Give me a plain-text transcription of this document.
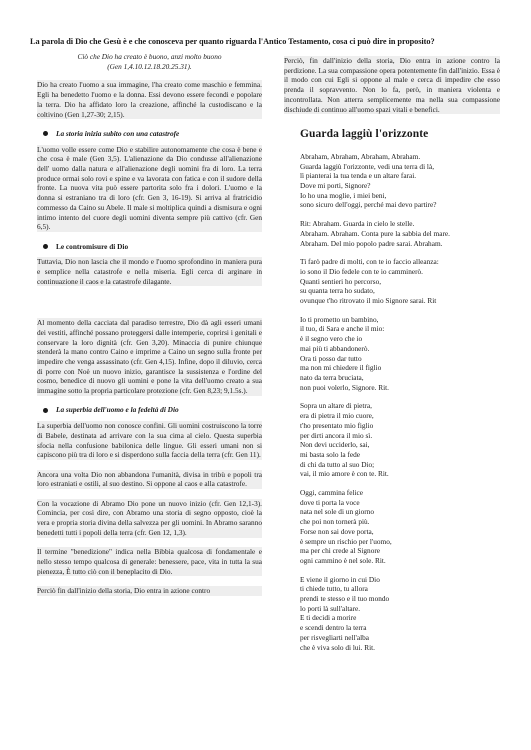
La parola di Dio che Gesù è e che conosceva per quanto riguarda l'Antico Testamento, cosa ci può dire in proposito?
Ciò che Dio ha creato è buono, anzi molto buono
(Gen 1,4.10.12.18.20.25.31).

Dio ha creato l'uomo a sua immagine, l'ha creato come maschio e femmina. Egli ha benedetto l'uomo e la donna. Essi devono essere fecondi e popolare la terra. Dio ha affidato loro la creazione, affinché la custodiscano e la coltivino (Gen 1,27-30; 2,15).

La storia inizia subito con una catastrofe

L'uomo volle essere come Dio e stabilire autonomamente che cosa è bene e che cosa è male (Gen 3,5). L'alienazione da Dio condusse all'alienazione dell' uomo dalla natura e all'alienazione degli uomini fra di loro. La terra produce ormai solo rovi e spine e va lavorata con fatica e con il sudore della fronte. La nuova vita può essere partorita solo fra i dolori. L'uomo e la donna si estraniano tra di loro (cfr. Gen 3, 16-19). Si arriva al fratricidio commesso da Caino su Abele. Il male si moltiplica quindi a dismisura e ogni intimo intento del cuore degli uomini diventa sempre più cattivo (cfr. Gen 6,5).

Le contromisure di Dio

Tuttavia, Dio non lascia che il mondo e l'uomo sprofondino in maniera pura e semplice nella catastrofe e nella miseria. Egli cerca di arginare in continuazione il caos e la catastrofe dilagante.

Al momento della cacciata dal paradiso terrestre, Dio dà agli esseri umani dei vestiti, affinché possano proteggersi dalle intemperie, coprirsi i genitali e conservare la loro dignità (cfr. Gen 3,20). Minaccia di punire chiunque stenderà la mano contro Caino e imprime a Caino un segno sulla fronte per impedire che venga assassinato (cfr. Gen 4,15). Infine, dopo il diluvio, cerca di porre con Noè un nuovo inizio, garantisce la sussistenza e l'ordine del cosmo, benedice di nuovo gli uomini e pone la vita dell'uomo creato a sua immagine sotto la propria particolare protezione (cfr. Gen 8,23; 9,1.5s.).

La superbia dell'uomo e la fedeltà di Dio

La superbia dell'uomo non conosce confini. Gli uomini costruiscono la torre di Babele, destinata ad arrivare con la sua cima al cielo. Questa superbia sfocia nella confusione babilonica delle lingue. Gli esseri umani non si capiscono più tra di loro e si disperdono sulla faccia della terra (cfr. Gen 11).

Ancora una volta Dio non abbandona l'umanità, divisa in tribù e popoli tra loro estraniati e ostili, al suo destino. Si oppone al caos e alla catastrofe.

Con la vocazione di Abramo Dio pone un nuovo inizio (cfr. Gen 12,1-3). Comincia, per così dire, con Abramo una storia di segno opposto, cioè la vera e propria storia divina della salvezza per gli uomini. In Abramo saranno benedetti tutti i popoli della terra (cfr. Gen 12, 1,3).

Il termine "benedizione" indica nella Bibbia qualcosa di fondamentale e nello stesso tempo qualcosa di generale: benessere, pace, vita in tutta la sua pienezza, È tutto ciò con il beneplacito di Dio.

Perciò fin dall'inizio della storia, Dio entra in azione contro

Perciò, fin dall'inizio della storia, Dio entra in azione contro la perdizione. La sua compassione opera potentemente fin dall'inizio. Essa è il modo con cui Egli si oppone al male e cerca di impedire che esso prenda il sopravvento. Non lo fa, però, in maniera violenta e incontrollata. Non atterra semplicemente ma nella sua compassione dischiude di continuo all'uomo spazi vitali e benefici.

Guarda laggiù l'orizzonte
Abraham, Abraham, Abraham, Abraham.
Guarda laggiù l'orizzonte, vedi una terra di là,
lì pianterai la tua tenda e un altare farai.
Dove mi porti, Signore?
Io ho una moglie, i miei beni,
sono sicuro dell'oggi, perché mai devo partire?
Rit: Abraham. Guarda in cielo le stelle.
Abraham. Abraham. Conta pure la sabbia del mare.
Abraham. Del mio popolo padre sarai. Abraham.
Ti farò padre di molti, con te io faccio alleanza:
io sono il Dio fedele con te io camminerò.
Quanti sentieri ho percorso,
su quanta terra ho sudato,
ovunque t'ho ritrovato il mio Signore sarai. Rit
Io ti prometto un bambino,
il tuo, di Sara e anche il mio:
è il segno vero che io
mai più ti abbandonerò.
Ora ti posso dar tutto
ma non mi chiedere il figlio
nato da terra bruciata,
non puoi volerlo, Signore. Rit.
Sopra un altare di pietra,
era di pietra il mio cuore,
t'ho presentato mio figlio
per dirti ancora il mio sì.
Non devi ucciderlo, sai,
mi basta solo la fede
di chi da tutto al suo Dio;
vai, il mio amore è con te. Rit.
Oggi, cammina felice
dove ti porta la voce
nata nel sole di un giorno
che poi non tornerà più.
Forse non sai dove porta,
è sempre un rischio per l'uomo,
ma per chi crede al Signore
ogni cammino è nel sole. Rit.
E viene il giorno in cui Dio
ti chiede tutto, tu allora
prendi te stesso e il tuo mondo
lo porti là sull'altare.
E ti decidi a morire
e scendi dentro la terra
per risvegliarti nell'alba
che è viva solo di lui. Rit.
